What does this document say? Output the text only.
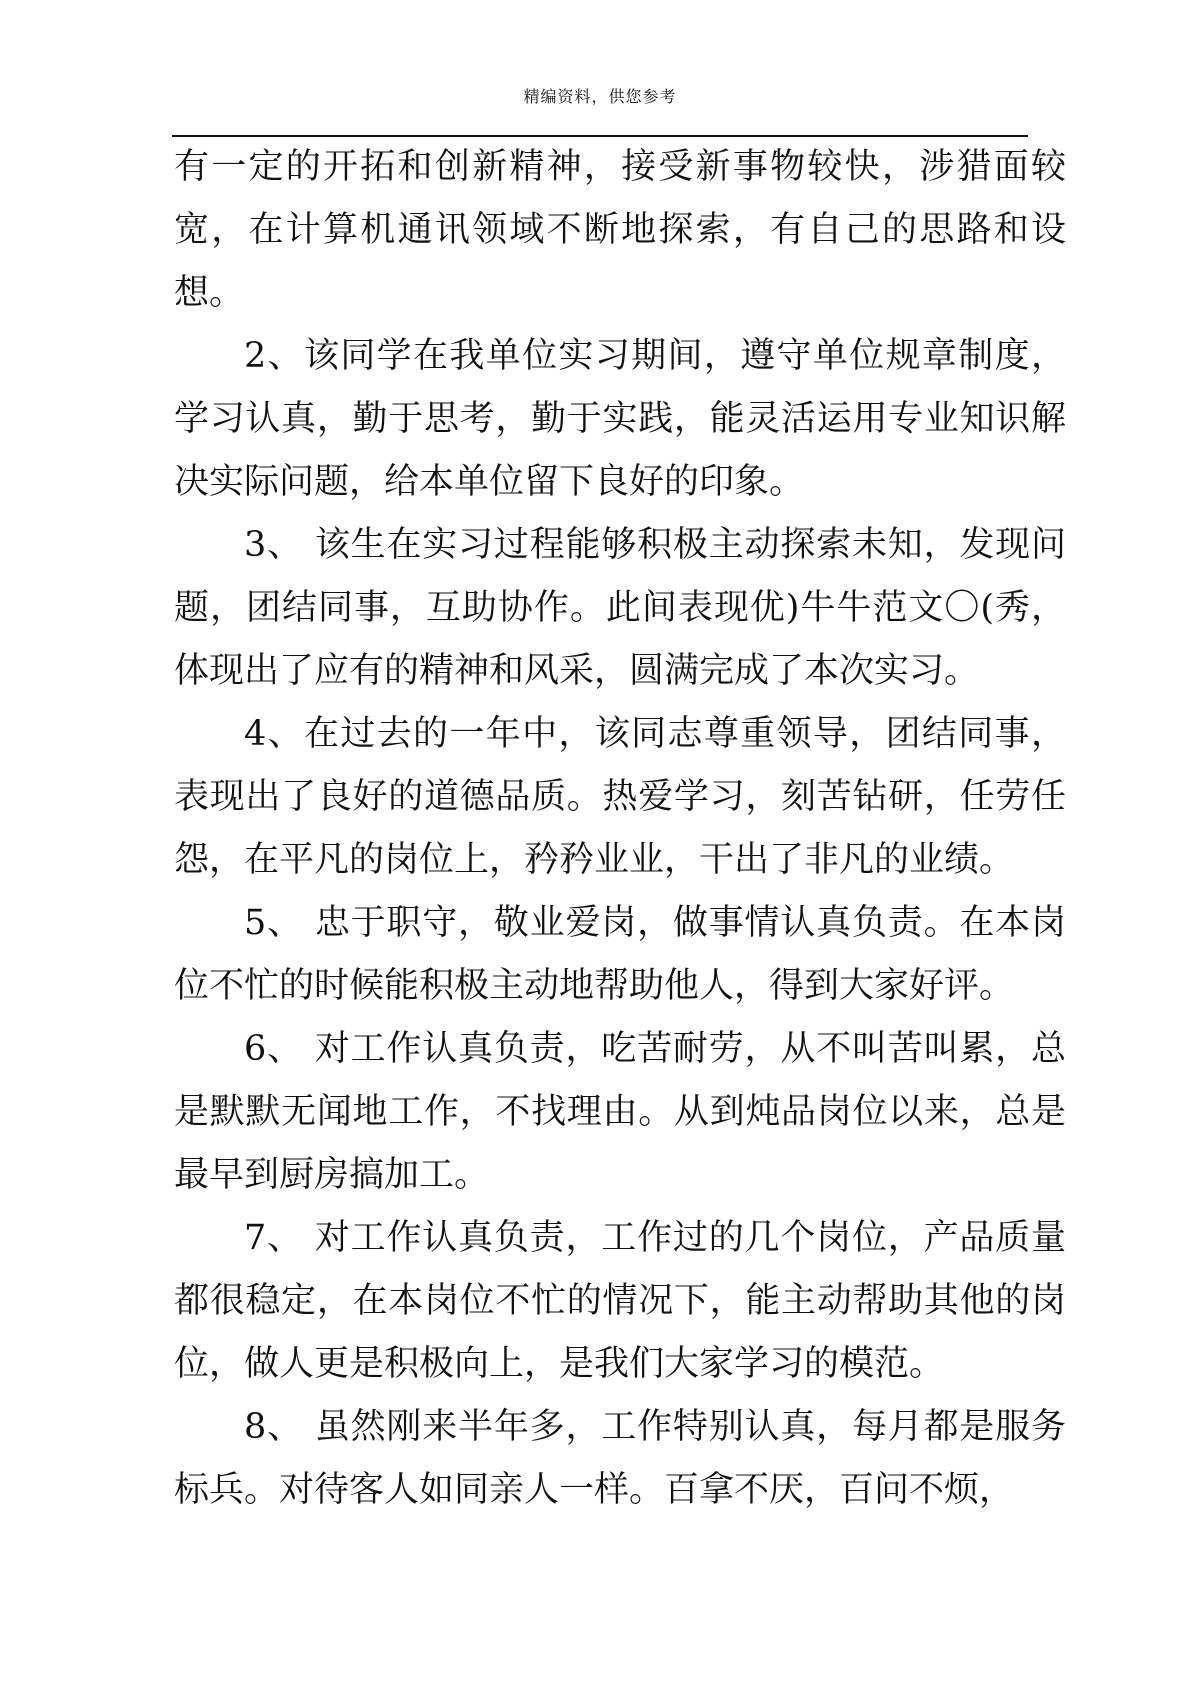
精编资料，供您参考

有一定的开拓和创新精神，接受新事物较快，涉猎面较宽，在计算机通讯领域不断地探索，有自己的思路和设想。

2、该同学在我单位实习期间，遵守单位规章制度，学习认真，勤于思考，勤于实践，能灵活运用专业知识解决实际问题，给本单位留下良好的印象。

3、 该生在实习过程能够积极主动探索未知，发现问题，团结同事，互助协作。此间表现优)牛牛范文〇(秀，体现出了应有的精神和风采，圆满完成了本次实习。

4、在过去的一年中，该同志尊重领导，团结同事，表现出了良好的道德品质。热爱学习，刻苦钻研，任劳任怨，在平凡的岗位上，矜矜业业，干出了非凡的业绩。

5、 忠于职守，敬业爱岗，做事情认真负责。在本岗位不忙的时候能积极主动地帮助他人，得到大家好评。

6、 对工作认真负责，吃苦耐劳，从不叫苦叫累，总是默默无闻地工作，不找理由。从到炖品岗位以来，总是最早到厨房搞加工。

7、 对工作认真负责，工作过的几个岗位，产品质量都很稳定，在本岗位不忙的情况下，能主动帮助其他的岗位，做人更是积极向上，是我们大家学习的模范。

8、 虽然刚来半年多，工作特别认真，每月都是服务标兵。对待客人如同亲人一样。百拿不厌，百问不烦，
